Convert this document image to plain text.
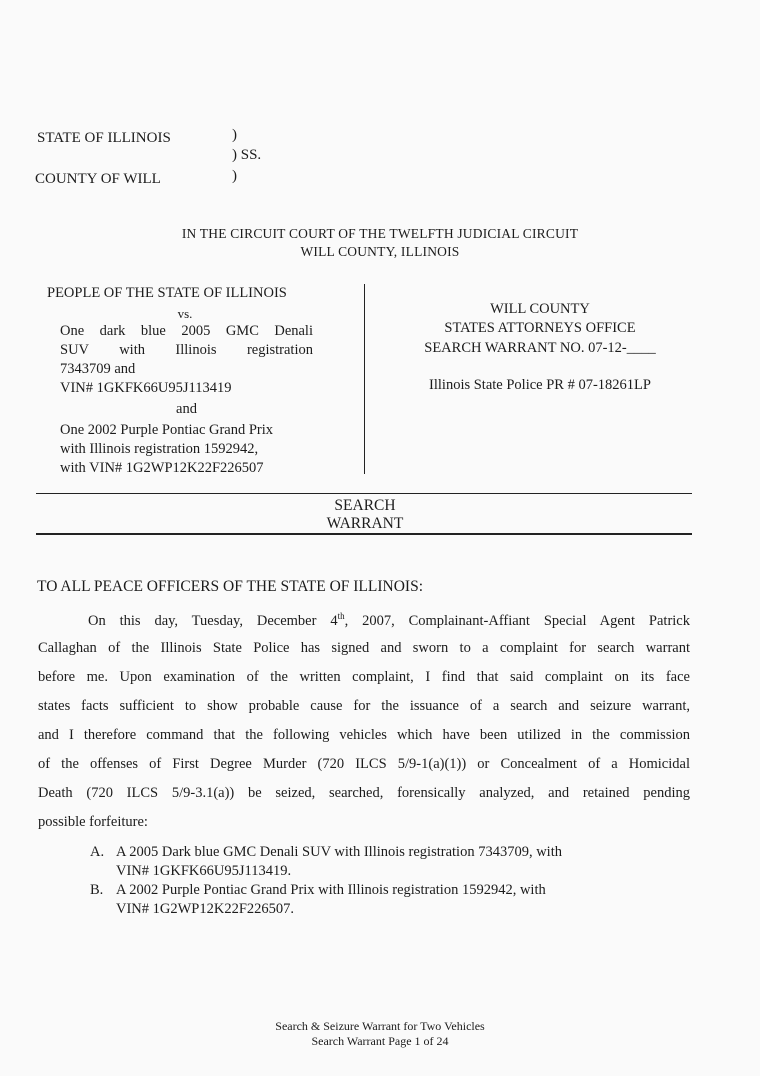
STATE OF ILLINOIS
COUNTY OF WILL
)
) SS.
)
IN THE CIRCUIT COURT OF THE TWELFTH JUDICIAL CIRCUIT
WILL COUNTY, ILLINOIS
PEOPLE OF THE STATE OF ILLINOIS
vs.
One dark blue 2005 GMC Denali
SUV with Illinois registration
7343709 and
VIN# 1GKFK66U95J113419
and
One 2002 Purple Pontiac Grand Prix
with Illinois registration 1592942,
with VIN# 1G2WP12K22F226507
WILL COUNTY
STATES ATTORNEYS OFFICE
SEARCH WARRANT NO. 07-12-____
Illinois State Police PR # 07-18261LP
SEARCH
WARRANT
TO ALL PEACE OFFICERS OF THE STATE OF ILLINOIS:
On this day, Tuesday, December 4th, 2007, Complainant-Affiant Special Agent Patrick
Callaghan of the Illinois State Police has signed and sworn to a complaint for search warrant
before me. Upon examination of the written complaint, I find that said complaint on its face
states facts sufficient to show probable cause for the issuance of a search and seizure warrant,
and I therefore command that the following vehicles which have been utilized in the commission
of the offenses of First Degree Murder (720 ILCS 5/9-1(a)(1)) or Concealment of a Homicidal
Death (720 ILCS 5/9-3.1(a)) be seized, searched, forensically analyzed, and retained pending
possible forfeiture:
A. A 2005 Dark blue GMC Denali SUV with Illinois registration 7343709, with
VIN# 1GKFK66U95J113419.
B. A 2002 Purple Pontiac Grand Prix with Illinois registration 1592942, with
VIN# 1G2WP12K22F226507.
Search & Seizure Warrant for Two Vehicles
Search Warrant Page 1 of 24
